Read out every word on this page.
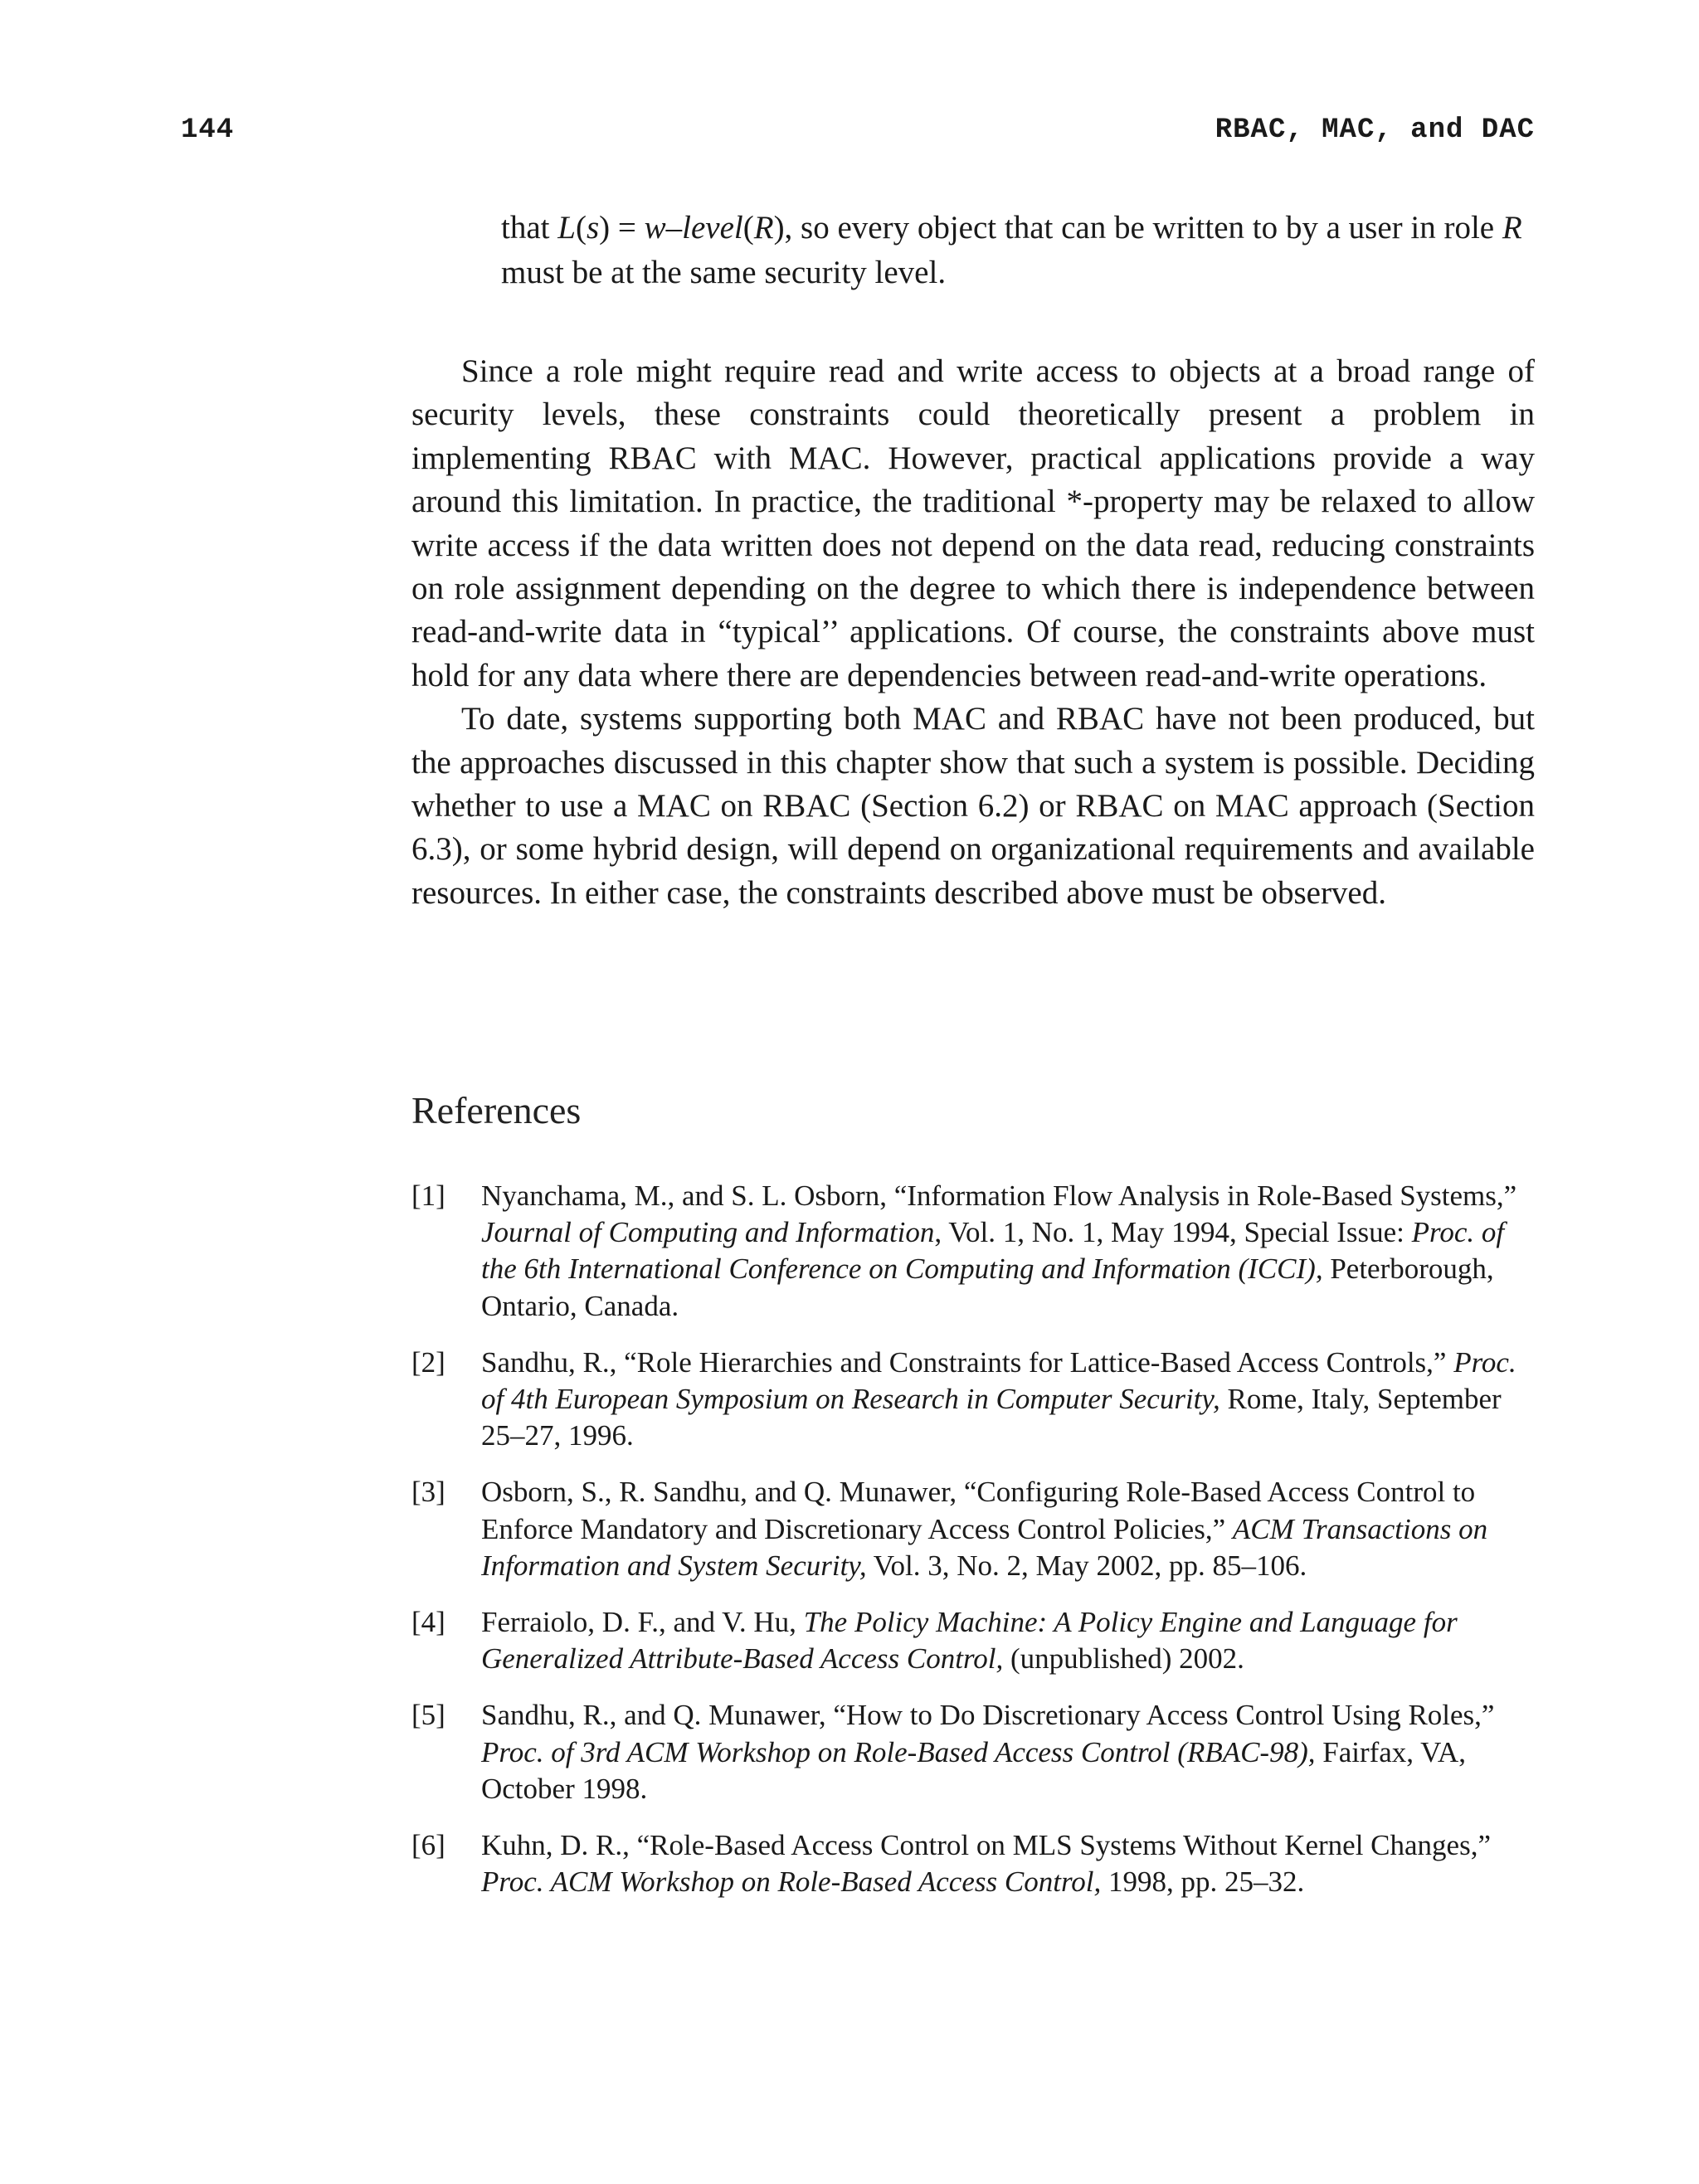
144	RBAC, MAC, and DAC
that L(s) = w–level(R), so every object that can be written to by a user in role R must be at the same security level.

Since a role might require read and write access to objects at a broad range of security levels, these constraints could theoretically present a problem in implementing RBAC with MAC. However, practical applications provide a way around this limitation. In practice, the traditional *-property may be relaxed to allow write access if the data written does not depend on the data read, reducing constraints on role assignment depending on the degree to which there is independence between read-and-write data in “typical’’ applications. Of course, the constraints above must hold for any data where there are dependencies between read-and-write operations.

To date, systems supporting both MAC and RBAC have not been produced, but the approaches discussed in this chapter show that such a system is possible. Deciding whether to use a MAC on RBAC (Section 6.2) or RBAC on MAC approach (Section 6.3), or some hybrid design, will depend on organizational requirements and available resources. In either case, the constraints described above must be observed.

References
[1]	Nyanchama, M., and S. L. Osborn, “Information Flow Analysis in Role-Based Systems,” Journal of Computing and Information, Vol. 1, No. 1, May 1994, Special Issue: Proc. of the 6th International Conference on Computing and Information (ICCI), Peterborough, Ontario, Canada.
[2]	Sandhu, R., “Role Hierarchies and Constraints for Lattice-Based Access Controls,” Proc. of 4th European Symposium on Research in Computer Security, Rome, Italy, September 25–27, 1996.
[3]	Osborn, S., R. Sandhu, and Q. Munawer, “Configuring Role-Based Access Control to Enforce Mandatory and Discretionary Access Control Policies,” ACM Transactions on Information and System Security, Vol. 3, No. 2, May 2002, pp. 85–106.
[4]	Ferraiolo, D. F., and V. Hu, The Policy Machine: A Policy Engine and Language for Generalized Attribute-Based Access Control, (unpublished) 2002.
[5]	Sandhu, R., and Q. Munawer, “How to Do Discretionary Access Control Using Roles,” Proc. of 3rd ACM Workshop on Role-Based Access Control (RBAC-98), Fairfax, VA, October 1998.
[6]	Kuhn, D. R., “Role-Based Access Control on MLS Systems Without Kernel Changes,” Proc. ACM Workshop on Role-Based Access Control, 1998, pp. 25–32.
